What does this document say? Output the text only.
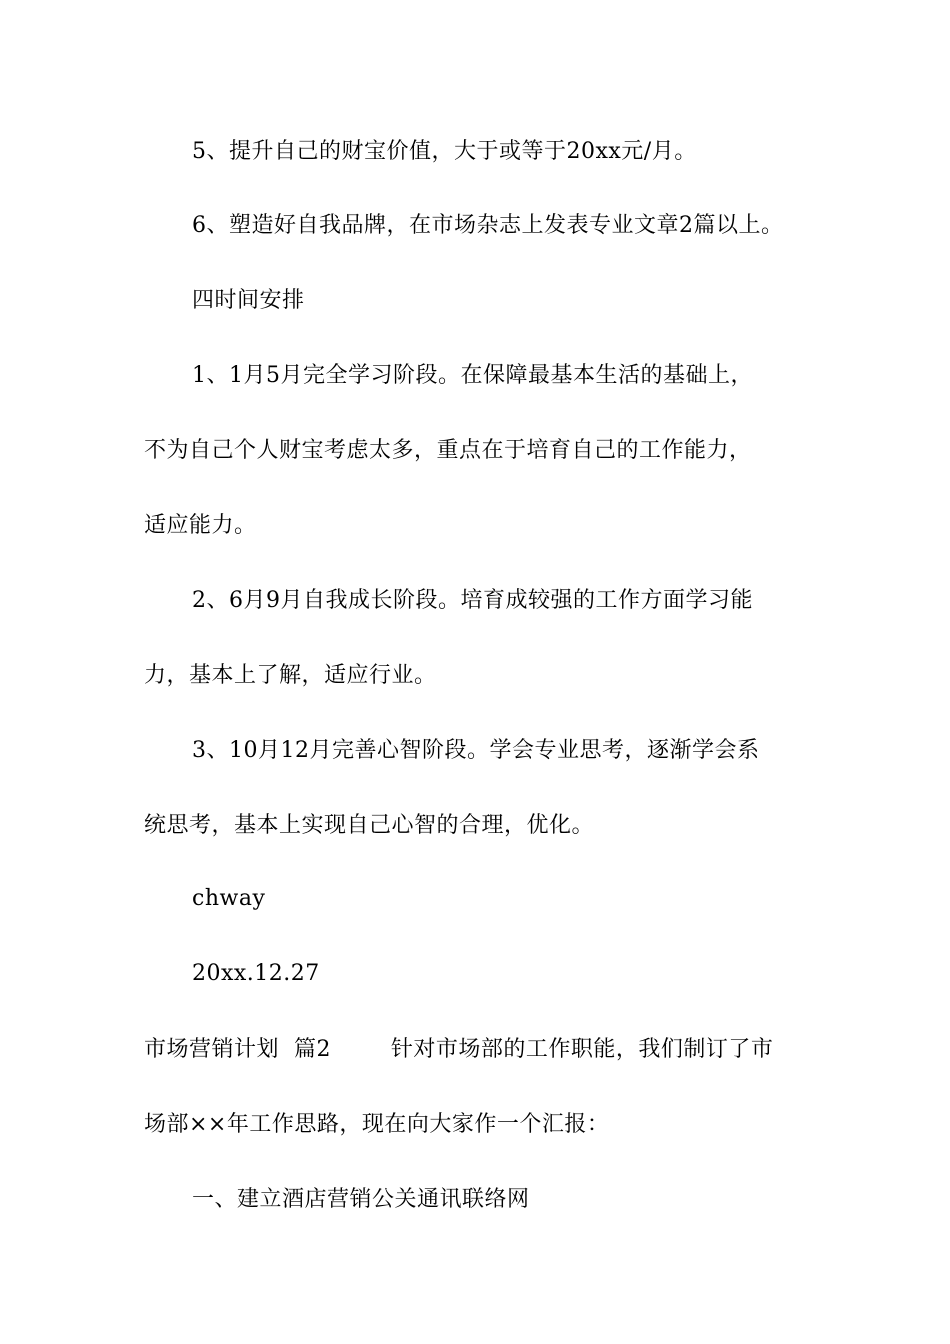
5、提升自己的财宝价值，大于或等于20xx元/月。
6、塑造好自我品牌，在市场杂志上发表专业文章2篇以上。
四时间安排
1、1月5月完全学习阶段。在保障最基本生活的基础上，
不为自己个人财宝考虑太多，重点在于培育自己的工作能力，
适应能力。
2、6月9月自我成长阶段。培育成较强的工作方面学习能
力，基本上了解，适应行业。
3、10月12月完善心智阶段。学会专业思考，逐渐学会系
统思考，基本上实现自己心智的合理，优化。
chway
20xx.12.27
市场营销计划  篇2        针对市场部的工作职能，我们制订了市
场部××年工作思路，现在向大家作一个汇报：
一、建立酒店营销公关通讯联络网
